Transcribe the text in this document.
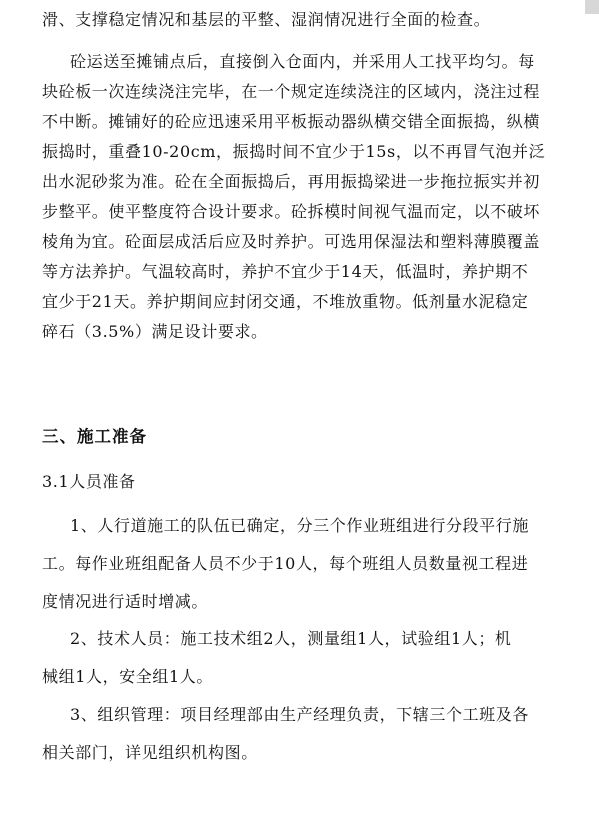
滑、支撑稳定情况和基层的平整、湿润情况进行全面的检查。
砼运送至摊铺点后，直接倒入仓面内，并采用人工找平均匀。每
块砼板一次连续浇注完毕，在一个规定连续浇注的区域内，浇注过程
不中断。摊铺好的砼应迅速采用平板振动器纵横交错全面振捣，纵横
振捣时，重叠10-20cm，振捣时间不宜少于15s，以不再冒气泡并泛
出水泥砂浆为准。砼在全面振捣后，再用振捣梁进一步拖拉振实并初
步整平。使平整度符合设计要求。砼拆模时间视气温而定，以不破坏
棱角为宜。砼面层成活后应及时养护。可选用保湿法和塑料薄膜覆盖
等方法养护。气温较高时，养护不宜少于14天，低温时，养护期不
宜少于21天。养护期间应封闭交通，不堆放重物。低剂量水泥稳定
碎石（3.5%）满足设计要求。
三、施工准备
3.1人员准备
1、人行道施工的队伍已确定，分三个作业班组进行分段平行施
工。每作业班组配备人员不少于10人，每个班组人员数量视工程进
度情况进行适时增减。
2、技术人员：施工技术组2人，测量组1人，试验组1人；机
械组1人，安全组1人。
3、组织管理：项目经理部由生产经理负责，下辖三个工班及各
相关部门，详见组织机构图。
